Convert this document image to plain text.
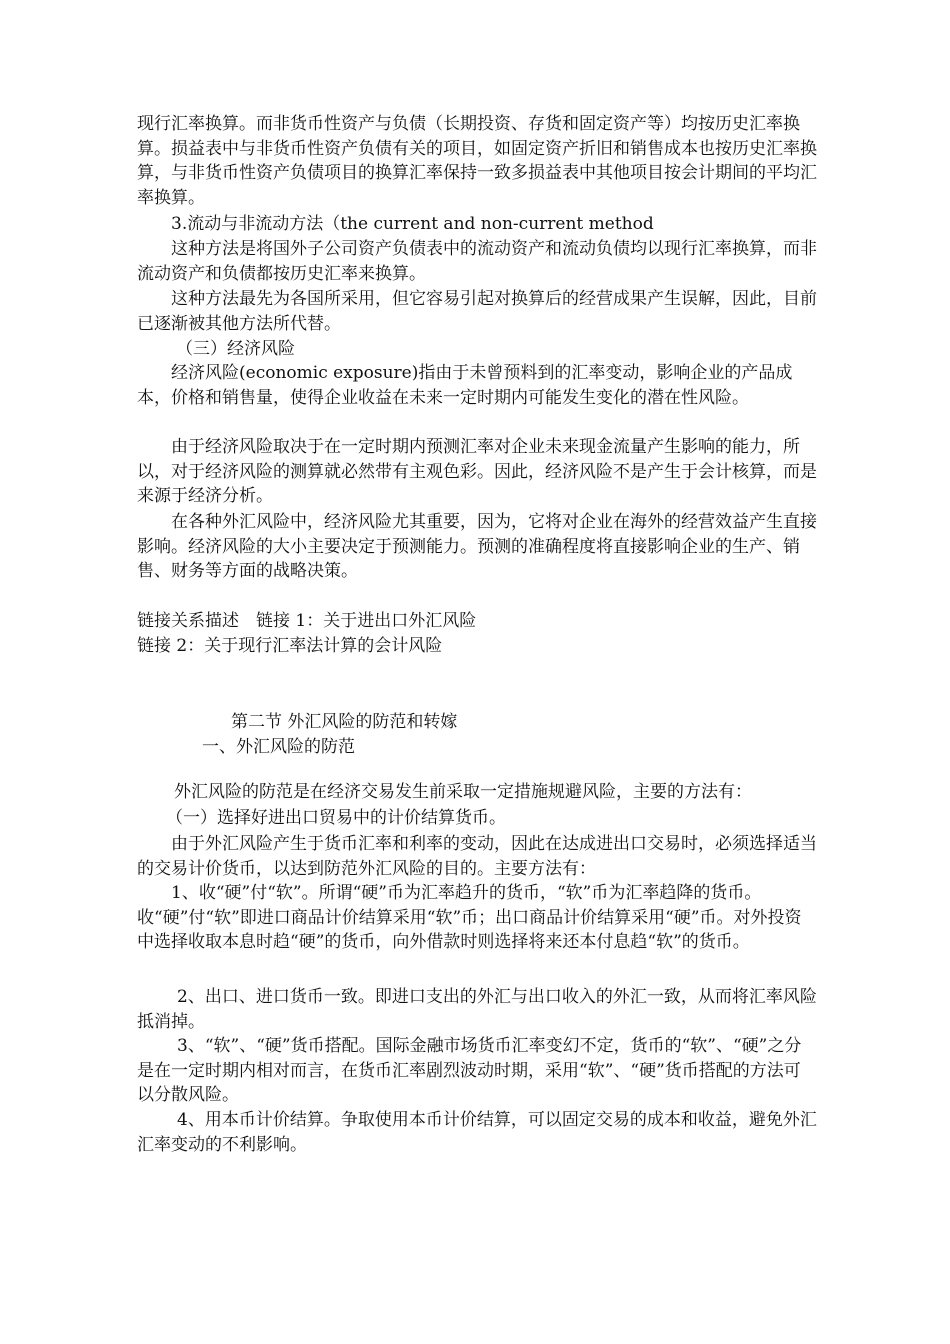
现行汇率换算。而非货币性资产与负债（长期投资、存货和固定资产等）均按历史汇率换算。损益表中与非货币性资产负债有关的项目，如固定资产折旧和销售成本也按历史汇率换算，与非货币性资产负债项目的换算汇率保持一致多损益表中其他项目按会计期间的平均汇率换算。

3.流动与非流动方法（the current and non-current method

这种方法是将国外子公司资产负债表中的流动资产和流动负债均以现行汇率换算，而非流动资产和负债都按历史汇率来换算。

这种方法最先为各国所采用，但它容易引起对换算后的经营成果产生误解，因此，目前已逐渐被其他方法所代替。

（三）经济风险

经济风险(economic exposure)指由于未曾预料到的汇率变动，影响企业的产品成本，价格和销售量，使得企业收益在未来一定时期内可能发生变化的潜在性风险。

由于经济风险取决于在一定时期内预测汇率对企业未来现金流量产生影响的能力，所以，对于经济风险的测算就必然带有主观色彩。因此，经济风险不是产生于会计核算，而是来源于经济分析。

在各种外汇风险中，经济风险尤其重要，因为，它将对企业在海外的经营效益产生直接影响。经济风险的大小主要决定于预测能力。预测的准确程度将直接影响企业的生产、销售、财务等方面的战略决策。

链接关系描述　链接 1：关于进出口外汇风险

链接 2：关于现行汇率法计算的会计风险

第二节 外汇风险的防范和转嫁

一、外汇风险的防范

外汇风险的防范是在经济交易发生前采取一定措施规避风险，主要的方法有：

（一）选择好进出口贸易中的计价结算货币。

由于外汇风险产生于货币汇率和利率的变动，因此在达成进出口交易时，必须选择适当的交易计价货币，以达到防范外汇风险的目的。主要方法有：

1、收“硬”付“软”。所谓“硬”币为汇率趋升的货币，“软”币为汇率趋降的货币。收“硬”付“软”即进口商品计价结算采用“软”币；出口商品计价结算采用“硬”币。对外投资中选择收取本息时趋“硬”的货币，向外借款时则选择将来还本付息趋“软”的货币。

2、出口、进口货币一致。即进口支出的外汇与出口收入的外汇一致，从而将汇率风险抵消掉。

3、“软”、“硬”货币搭配。国际金融市场货币汇率变幻不定，货币的“软”、“硬”之分是在一定时期内相对而言，在货币汇率剧烈波动时期，采用“软”、“硬”货币搭配的方法可以分散风险。

4、用本币计价结算。争取使用本币计价结算，可以固定交易的成本和收益，避免外汇汇率变动的不利影响。
